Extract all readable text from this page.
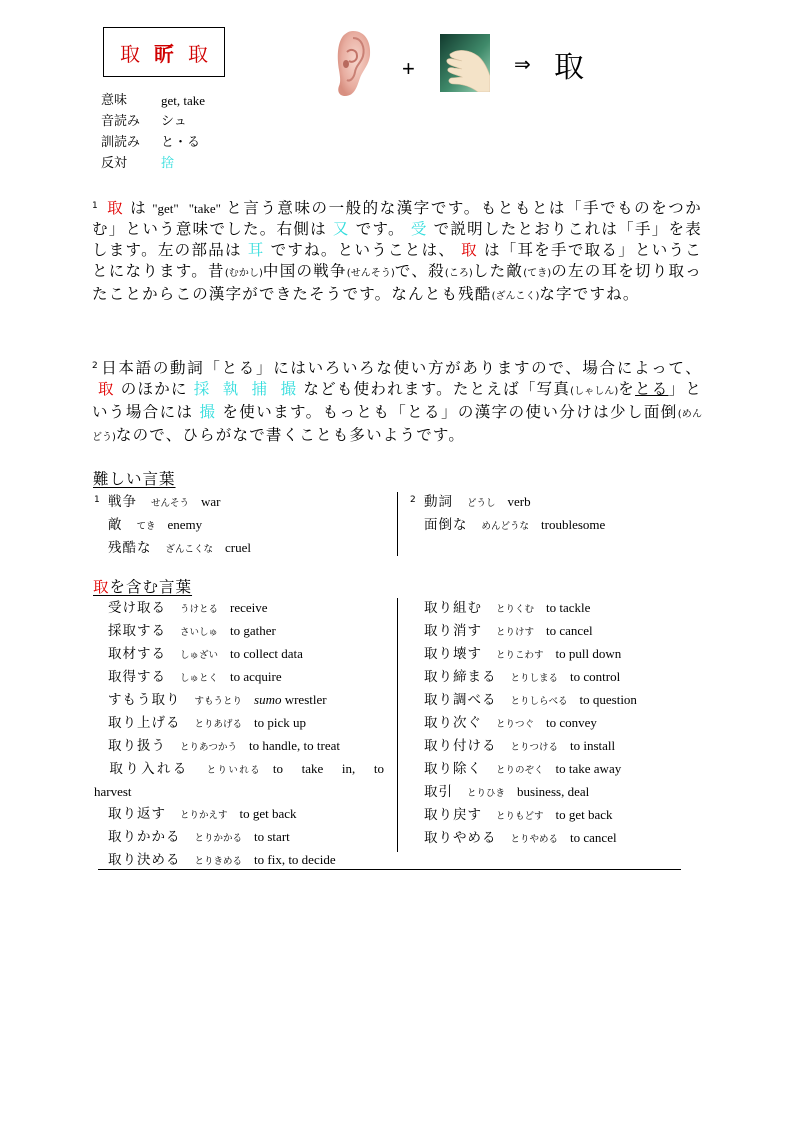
取 㪽 取
意味	get, take
音読み	シュ
訓読み	と・る
反対	捨
+	⇒ 取
$^1$ 取 は "get" "take" と言う意味の一般的な漢字です。もともとは「手でものをつかむ」という意味でした。右側は 又 です。 受 で説明したとおりこれは「手」を表します。左の部品は 耳 ですね。ということは、 取 は「耳を手で取る」ということになります。昔(むかし)中国の戦争(せんそう)で、殺(ころ)した敵(てき)の左の耳を切り取ったことからこの漢字ができたそうです。なんとも残酷(ざんこく)な字ですね。
$^2$ 日本語の動詞「とる」にはいろいろな使い方がありますので、場合によって、取 のほかに 採 執 捕 撮 なども使われます。たとえば「写真(しゃしん)をとる」という場合には 撮 を使います。もっとも「とる」の漢字の使い分けは少し面倒(めんどう)なので、ひらがなで書くことも多いようです。
難しい言葉
1 戦争 せんそう war
敵 てき enemy
残酷な ざんこくな cruel
2 動詞 どうし verb
面倒な めんどうな troublesome
取を含む言葉
受け取る うけとる receive
採取する さいしゅ to gather
取材する しゅざい to collect data
取得する しゅとく to acquire
すもう取り すもうとり sumo wrestler
取り上げる とりあげる to pick up
取り扱う とりあつかう to handle, to treat
取り入れる とりいれる to take in, to harvest
取り返す とりかえす to get back
取りかかる とりかかる to start
取り決める とりきめる to fix, to decide
取り組む とりくむ to tackle
取り消す とりけす to cancel
取り壊す とりこわす to pull down
取り締まる とりしまる to control
取り調べる とりしらべる to question
取り次ぐ とりつぐ to convey
取り付ける とりつける to install
取り除く とりのぞく to take away
取引 とりひき business, deal
取り戻す とりもどす to get back
取りやめる とりやめる to cancel
